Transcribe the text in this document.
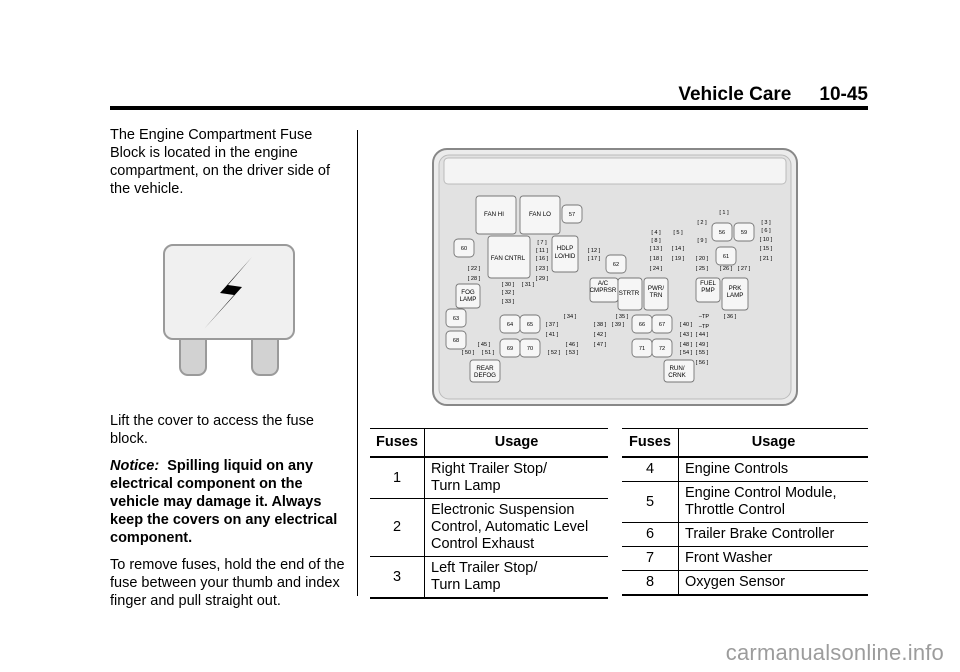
Vehicle Care 10-45

The Engine Compartment Fuse Block is located in the engine compartment, on the driver side of the vehicle.

Lift the cover to access the fuse block.

Notice: Spilling liquid on any electrical component on the vehicle may damage it. Always keep the covers on any electrical component.

To remove fuses, hold the end of the fuse between your thumb and index finger and pull straight out.

FAN HI	FAN LO
FAN CNTRL
HDLP
LO/HID
FOG
LAMP
A/C
CMPRSR STRTR
PWR/
TRN
FUEL
PMP PRK
LAMP
REAR
DEFOG
RUN/
CRNK
57
60
62
56	59
61
63
68
64 65
69 70
66 67
71 72
[ 1 ]
[ 2 ]	[ 3 ]
[ 4 ] [ 5 ]	[ 6 ]
[ 7 ]	[ 8 ]	[ 9 ]	[ 10 ]
[ 11 ]	[ 12 ]	[ 13 ] [ 14 ]	[ 15 ]
[ 16 ]	[ 17 ]	[ 18 ] [ 19 ] [ 20 ]	[ 21 ]
[ 22 ]	[ 23 ]	[ 24 ]	[ 25 ] [ 26 ] [ 27 ]
[ 28 ]	[ 29 ]
[ 30 ] [ 31 ]
[ 32 ]
[ 33 ]
[ 34 ]	[ 35 ]	[ 36 ]
[ 37 ]	[ 38 ] [ 39 ]	[ 40 ]
[ 41 ]	[ 42 ]	[ 43 ] [ 44 ]
[ 45 ]	[ 46 ]	[ 47 ]	[ 48 ] [ 49 ]
[ 50 ] [ 51 ]	[ 52 ] [ 53 ]	[ 54 ] [ 55 ]
[ 56 ]
–TP
–TP
Fuses	Usage
1	Right Trailer Stop/
Turn Lamp
2	Electronic Suspension
Control, Automatic Level
Control Exhaust
3	Left Trailer Stop/
Turn Lamp
Fuses	Usage
4	Engine Controls
5	Engine Control Module,
Throttle Control
6	Trailer Brake Controller
7	Front Washer
8	Oxygen Sensor
carmanualsonline.info
